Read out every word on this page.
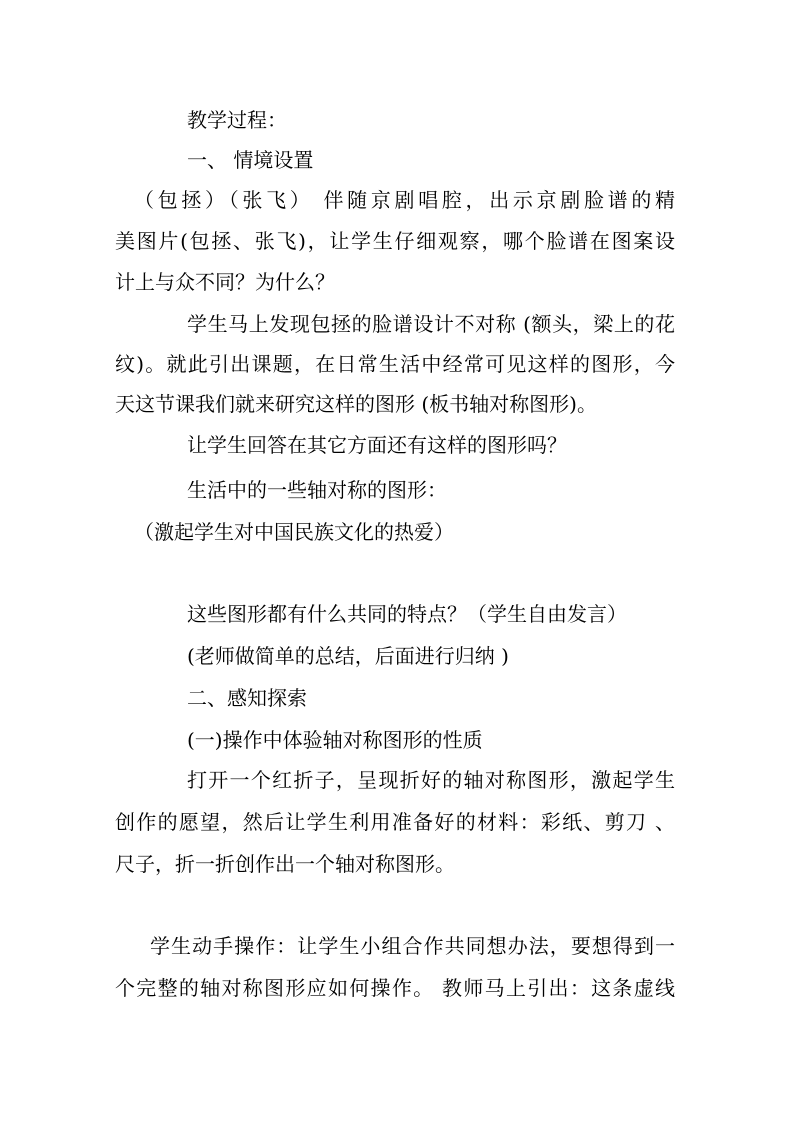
教学过程：
一、 情境设置
（包拯）（张飞） 伴随京剧唱腔，出示京剧脸谱的精
美图片(包拯、张飞)，让学生仔细观察，哪个脸谱在图案设
计上与众不同？为什么？
学生马上发现包拯的脸谱设计不对称 (额头，梁上的花
纹)。就此引出课题，在日常生活中经常可见这样的图形，今
天这节课我们就来研究这样的图形 (板书轴对称图形)。
让学生回答在其它方面还有这样的图形吗？
生活中的一些轴对称的图形：
（激起学生对中国民族文化的热爱）
这些图形都有什么共同的特点？（学生自由发言）
(老师做简单的总结，后面进行归纳 )
二、感知探索
(一)操作中体验轴对称图形的性质
打开一个红折子，呈现折好的轴对称图形，激起学生
创作的愿望，然后让学生利用准备好的材料：彩纸、剪刀 、
尺子，折一折创作出一个轴对称图形。
学生动手操作：让学生小组合作共同想办法，要想得到一
个完整的轴对称图形应如何操作。 教师马上引出：这条虚线
